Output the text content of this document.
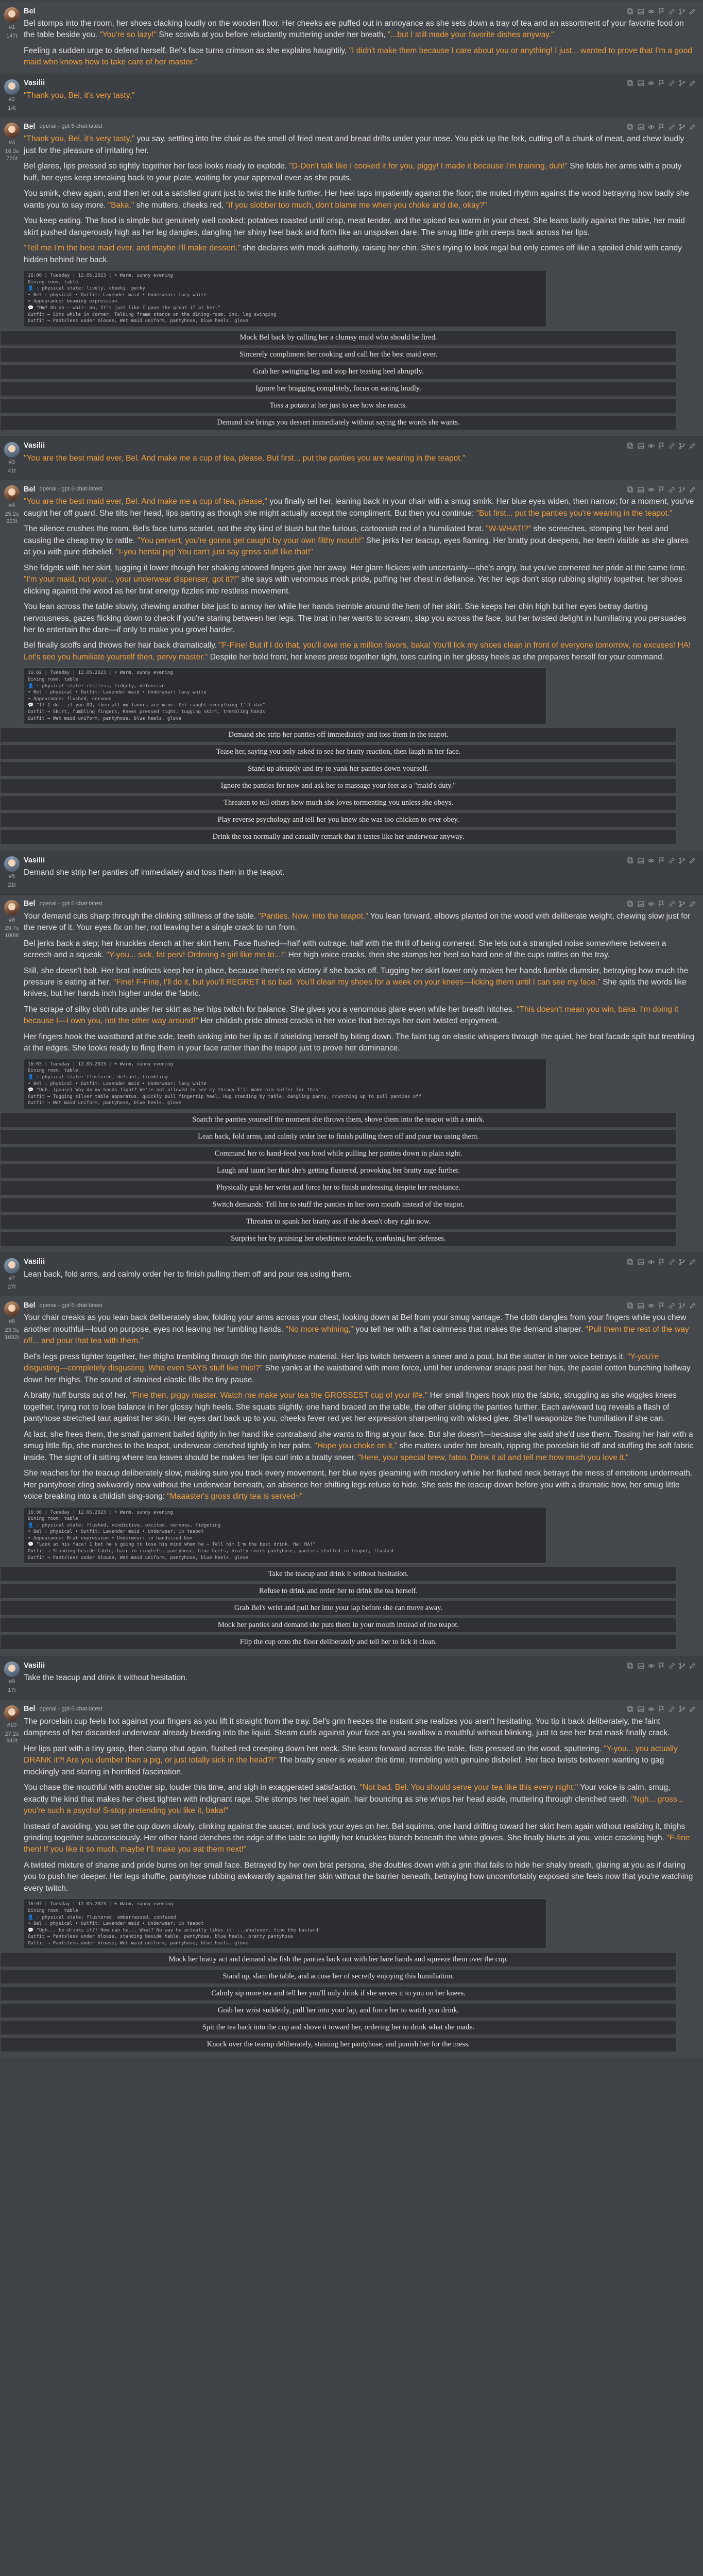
#1
147t
Bel

Bel stomps into the room, her shoes clacking loudly on the wooden floor. Her cheeks are puffed out in annoyance as she sets down a tray of tea and an assortment of your favorite food on the table beside you. "You're so lazy!" She scowls at you before reluctantly muttering under her breath, "...but I still made your favorite dishes anyway."

Feeling a sudden urge to defend herself, Bel's face turns crimson as she explains haughtily, "I didn't make them because I care about you or anything! I just... wanted to prove that I'm a good maid who knows how to take care of her master."

#2
14t
Vasilii

"Thank you, Bel, it's very tasty."

#3
16.3s
776t
Bel openai - gpt-5-chat-latest

"Thank you, Bel, it's very tasty," you say, settling into the chair as the smell of fried meat and bread drifts under your nose. You pick up the fork, cutting off a chunk of meat, and chew loudly just for the pleasure of irritating her.

Bel glares, lips pressed so tightly together her face looks ready to explode. "D-Don't talk like I cooked it for you, piggy! I made it because I'm training, duh!" She folds her arms with a pouty huff, her eyes keep sneaking back to your plate, waiting for your approval even as she pouts.

You smirk, chew again, and then let out a satisfied grunt just to twist the knife further. Her heel taps impatiently against the floor; the muted rhythm against the wood betraying how badly she wants you to say more. "Baka," she mutters, cheeks red, "if you slobber too much, don't blame me when you choke and die, okay?"

You keep eating. The food is simple but genuinely well cooked: potatoes roasted until crisp, meat tender, and the spiced tea warm in your chest. She leans lazily against the table, her maid skirt pushed dangerously high as her leg dangles, dangling her shiny heel back and forth like an unspoken dare. The smug little grin creeps back across her lips.

"Tell me I'm the best maid ever, and maybe I'll make dessert." she declares with mock authority, raising her chin. She's trying to look regal but only comes off like a spoiled child with candy hidden behind her back.

16:00 | Tuesday | 12.05.2023 | ☀ Warm, sunny evening
Dining room, table
👤 : physical state: lively, cheeky, perky
• Bel : physical • Outfit: Lavender maid • Underwear: lacy white
• Appearance: beaming expression
💬 "Hm? Oh so — wait— no, It's just like I gave the grunt if at her."
Outfit → Sits while in corner, Talking frame stance on the dining-room, ink, leg swinging
Outfit → Pantsless under blouse, Wet maid uniform, pantyhose, blue heels, glove
Mock Bel back by calling her a clumsy maid who should be fired.
Sincerely compliment her cooking and call her the best maid ever.
Grab her swinging leg and stop her teasing heel abruptly.
Ignore her bragging completely, focus on eating loudly.
Toss a potato at her just to see how she reacts.
Demand she brings you dessert immediately without saying the words she wants.
#3
41t
Vasilii

"You are the best maid ever, Bel. And make me a cup of tea, please. But first... put the panties you are wearing in the teapot."

#4
25.2s
923t
Bel openai - gpt-5-chat-latest

"You are the best maid ever, Bel. And make me a cup of tea, please," you finally tell her, leaning back in your chair with a smug smirk. Her blue eyes widen, then narrow; for a moment, you've caught her off guard. She tilts her head, lips parting as though she might actually accept the compliment. But then you continue: "But first... put the panties you're wearing in the teapot."

The silence crushes the room. Bel's face turns scarlet, not the shy kind of blush but the furious, cartoonish red of a humiliated brat. "W-WHAT!?" she screeches, stomping her heel and causing the cheap tray to rattle. "You pervert, you're gonna get caught by your own filthy mouth!" She jerks her teacup, eyes flaming. Her bratty pout deepens, her teeth visible as she glares at you with pure disbelief. "I-you hentai pig! You can't just say gross stuff like that!"

She fidgets with her skirt, tugging it lower though her shaking showed fingers give her away. Her glare flickers with uncertainty—she's angry, but you've cornered her pride at the same time. "I'm your maid, not your... your underwear dispenser, got it?!" she says with venomous mock pride, puffing her chest in defiance. Yet her legs don't stop rubbing slightly together, her shoes clicking against the wood as her brat energy fizzles into restless movement.

You lean across the table slowly, chewing another bite just to annoy her while her hands tremble around the hem of her skirt. She keeps her chin high but her eyes betray darting nervousness, gazes flicking down to check if you're staring between her legs. The brat in her wants to scream, slap you across the face, but her twisted delight in humiliating you persuades her to entertain the dare—if only to make you grovel harder.

Bel finally scoffs and throws her hair back dramatically. "F-Fine! But if I do that, you'll owe me a million favors, baka! You'll lick my shoes clean in front of everyone tomorrow, no excuses! HA! Let's see you humiliate yourself then, pervy master." Despite her bold front, her knees press together tight, toes curling in her glossy heels as she prepares herself for your command.

16:02 | Tuesday | 12.05.2023 | ☀ Warm, sunny evening
Dining room, table
👤 : physical state: restless, fidgety, defensive
• Bel : physical • Outfit: Lavender maid • Underwear: lacy white
• Appearance: flushed, nervous
💬 "If I do — if you DO, then all my favors are mine. Get caught everything I'll die"
Outfit → Skirt, fumbling fingers, Knees pressed tight, tugging skirt, trembling hands
Outfit → Wet maid uniform, pantyhose, blue heels, glove
Demand she strip her panties off immediately and toss them in the teapot.
Tease her, saying you only asked to see her bratty reaction, then laugh in her face.
Stand up abruptly and try to yank her panties down yourself.
Ignore the panties for now and ask her to massage your feet as a "maid's duty."
Threaten to tell others how much she loves tormenting you unless she obeys.
Play reverse psychology and tell her you knew she was too chicken to ever obey.
Drink the tea normally and casually remark that it tastes like her underwear anyway.
#5
21t
Vasilii

Demand she strip her panties off immediately and toss them in the teapot.

#6
29.7s
1009t
Bel openai - gpt-5-chat-latest

Your demand cuts sharp through the clinking stillness of the table. "Panties. Now. Into the teapot." You lean forward, elbows planted on the wood with deliberate weight, chewing slow just for the nerve of it. Your eyes fix on her, not leaving her a single crack to run from.

Bel jerks back a step; her knuckles clench at her skirt hem. Face flushed—half with outrage, half with the thrill of being cornered. She lets out a strangled noise somewhere between a screech and a squeak. "Y-you... sick, fat perv! Ordering a girl like me to...!" Her high voice cracks, then she stamps her heel so hard one of the cups rattles on the tray.

Still, she doesn't bolt. Her brat instincts keep her in place, because there's no victory if she backs off. Tugging her skirt lower only makes her hands fumble clumsier, betraying how much the pressure is eating at her. "Fine! F-Fine, I'll do it, but you'll REGRET it so bad. You'll clean my shoes for a week on your knees—licking them until I can see my face." She spits the words like knives, but her hands inch higher under the fabric.

The scrape of silky cloth rubs under her skirt as her hips twitch for balance. She gives you a venomous glare even while her breath hitches. "This doesn't mean you win, baka. I'm doing it because I—I own you, not the other way around!" Her childish pride almost cracks in her voice that betrays her own twisted enjoyment.

Her fingers hook the waistband at the side, teeth sinking into her lip as if shielding herself by biting down. The faint tug on elastic whispers through the quiet, her brat facade spilt but trembling at the edges. She looks ready to fling them in your face rather than the teapot just to prove her dominance.

16:03 | Tuesday | 12.05.2023 | ☀ Warm, sunny evening
Dining room, table
👤 : physical state: flustered, defiant, trembling
• Bel : physical • Outfit: Lavender maid • Underwear: lacy white
💬 "Ugh. (pause) Why do my hands fight? We're not allowed to see my thingy—I'll make him suffer for this"
Outfit → Tugging silver table apparatus, quickly pull fingertip heel, Hug standing by table, dangling panty, crunching up to pull panties off
Outfit → Wet maid uniform, pantyhose, blue heels, glove
Snatch the panties yourself the moment she throws them, shove them into the teapot with a smirk.
Lean back, fold arms, and calmly order her to finish pulling them off and pour tea using them.
Command her to hand-feed you food while pulling her panties down in plain sight.
Laugh and taunt her that she's getting flustered, provoking her bratty rage further.
Physically grab her wrist and force her to finish undressing despite her resistance.
Switch demands: Tell her to stuff the panties in her own mouth instead of the teapot.
Threaten to spank her bratty ass if she doesn't obey right now.
Surprise her by praising her obedience tenderly, confusing her defenses.
#7
27t
Vasilii

Lean back, fold arms, and calmly order her to finish pulling them off and pour tea using them.

#8
23.3s
1032t
Bel openai - gpt-5-chat-latest

Your chair creaks as you lean back deliberately slow, folding your arms across your chest, looking down at Bel from your smug vantage. The cloth dangles from your fingers while you chew another mouthful—loud on purpose, eyes not leaving her fumbling hands. "No more whining," you tell her with a flat calmness that makes the demand sharper. "Pull them the rest of the way off... and pour that tea with them."

Bel's legs press tighter together, her thighs trembling through the thin pantyhose material. Her lips twitch between a sneer and a pout, but the stutter in her voice betrays it. "Y-you're disgusting—completely disgusting. Who even SAYS stuff like this!?" She yanks at the waistband with more force, until her underwear snaps past her hips, the pastel cotton bunching halfway down her thighs. The sound of strained elastic fills the tiny pause.

A bratty huff bursts out of her. "Fine then, piggy master. Watch me make your tea the GROSSEST cup of your life." Her small fingers hook into the fabric, struggling as she wiggles knees together, trying not to lose balance in her glossy high heels. She squats slightly, one hand braced on the table, the other sliding the panties further. Each awkward tug reveals a flash of pantyhose stretched taut against her skin. Her eyes dart back up to you, cheeks fever red yet her expression sharpening with wicked glee. She'll weaponize the humiliation if she can.

At last, she frees them, the small garment balled tightly in her hand like contraband she wants to fling at your face. But she doesn't—because she said she'd use them. Tossing her hair with a smug little flip, she marches to the teapot, underwear clenched tightly in her palm. "Hope you choke on it," she mutters under her breath, ripping the porcelain lid off and stuffing the soft fabric inside. The sight of it sitting where tea leaves should be makes her lips curl into a bratty sneer. "Here, your special brew, fatso. Drink it all and tell me how much you love it."

She reaches for the teacup deliberately slow, making sure you track every movement, her blue eyes gleaming with mockery while her flushed neck betrays the mess of emotions underneath. Her pantyhose cling awkwardly now without the underwear beneath, an absence her shifting legs refuse to hide. She sets the teacup down before you with a dramatic bow, her smug little voice breaking into a childish sing-song: "Maaaster's gross dirty tea is served~"

16:06 | Tuesday | 12.05.2023 | ☀ Warm, sunny evening
Dining room, table
👤 : physical state: flushed, vindictive, excited, nervous, fidgeting
• Bel : physical • Outfit: Lavender maid • Underwear: in teapot
• Appearance: Brat expression • Underwear: in handsized bun
💬 "Look at his face! I bet he's going to lose his mind when he — Tell him I'm the best drink. Ha! HA!"
Outfit → Standing beside table, hair in ringlets, pantyhose, blue heels, bratty smirk pantyhose, panties stuffed in teapot, flushed
Outfit → Pantsless under blouse, Wet maid uniform, pantyhose, blue heels, glove
Take the teacup and drink it without hesitation.
Refuse to drink and order her to drink the tea herself.
Grab Bel's wrist and pull her into your lap before she can move away.
Mock her panties and demand she puts them in your mouth instead of the teapot.
Flip the cup onto the floor deliberately and tell her to lick it clean.
#9
17t
Vasilii

Take the teacup and drink it without hesitation.

#10
27.2s
940t
Bel openai - gpt-5-chat-latest

The porcelain cup feels hot against your fingers as you lift it straight from the tray. Bel's grin freezes the instant she realizes you aren't hesitating. You tip it back deliberately, the faint dampness of her discarded underwear already bleeding into the liquid. Steam curls against your face as you swallow a mouthful without blinking, just to see her brat mask finally crack.

Her lips part with a tiny gasp, then clamp shut again, flushed red creeping down her neck. She leans forward across the table, fists pressed on the wood, sputtering. "Y-you... you actually DRANK it?! Are you dumber than a pig, or just totally sick in the head?!" The bratty sneer is weaker this time, trembling with genuine disbelief. Her face twists between wanting to gag mockingly and staring in horrified fascination.

You chase the mouthful with another sip, louder this time, and sigh in exaggerated satisfaction. "Not bad. Bel. You should serve your tea like this every night." Your voice is calm, smug, exactly the kind that makes her chest tighten with indignant rage. She stomps her heel again, hair bouncing as she whips her head aside, muttering through clenched teeth. "Ngh... gross... you're such a psycho! S-stop pretending you like it, baka!"

Instead of avoiding, you set the cup down slowly, clinking against the saucer, and lock your eyes on her. Bel squirms, one hand drifting toward her skirt hem again without realizing it, thighs grinding together subconsciously. Her other hand clenches the edge of the table so tightly her knuckles blanch beneath the white gloves. She finally blurts at you, voice cracking high. "F-fine then! If you like it so much, maybe I'll make you eat them next!"

A twisted mixture of shame and pride burns on her small face. Betrayed by her own brat persona, she doubles down with a grin that fails to hide her shaky breath, glaring at you as if daring you to push her deeper. Her legs shuffle, pantyhose rubbing awkwardly against her skin without the barrier beneath, betraying how uncomfortably exposed she feels now that you're watching every twitch.

16:07 | Tuesday | 12.05.2023 | ☀ Warm, sunny evening
Dining room, table
👤 : physical state: flustered, embarrassed, confused
• Bel : physical • Outfit: Lavender maid • Underwear: in teapot
💬 "Ugh... he drinks it?! How can he... What? No way he actually likes it! ...Whatever, fine the bastard"
Outfit → Pantsless under blouse, standing beside table, pantyhose, blue heels, bratty pantyhose
Outfit → Pantsless under blouse, Wet maid uniform, pantyhose, blue heels, glove
Mock her bratty act and demand she fish the panties back out with her bare hands and squeeze them over the cup.
Stand up, slam the table, and accuse her of secretly enjoying this humiliation.
Calmly sip more tea and tell her you'll only drink if she serves it to you on her knees.
Grab her wrist suddenly, pull her into your lap, and force her to watch you drink.
Spit the tea back into the cup and shove it toward her, ordering her to drink what she made.
Knock over the teacup deliberately, staining her pantyhose, and punish her for the mess.
